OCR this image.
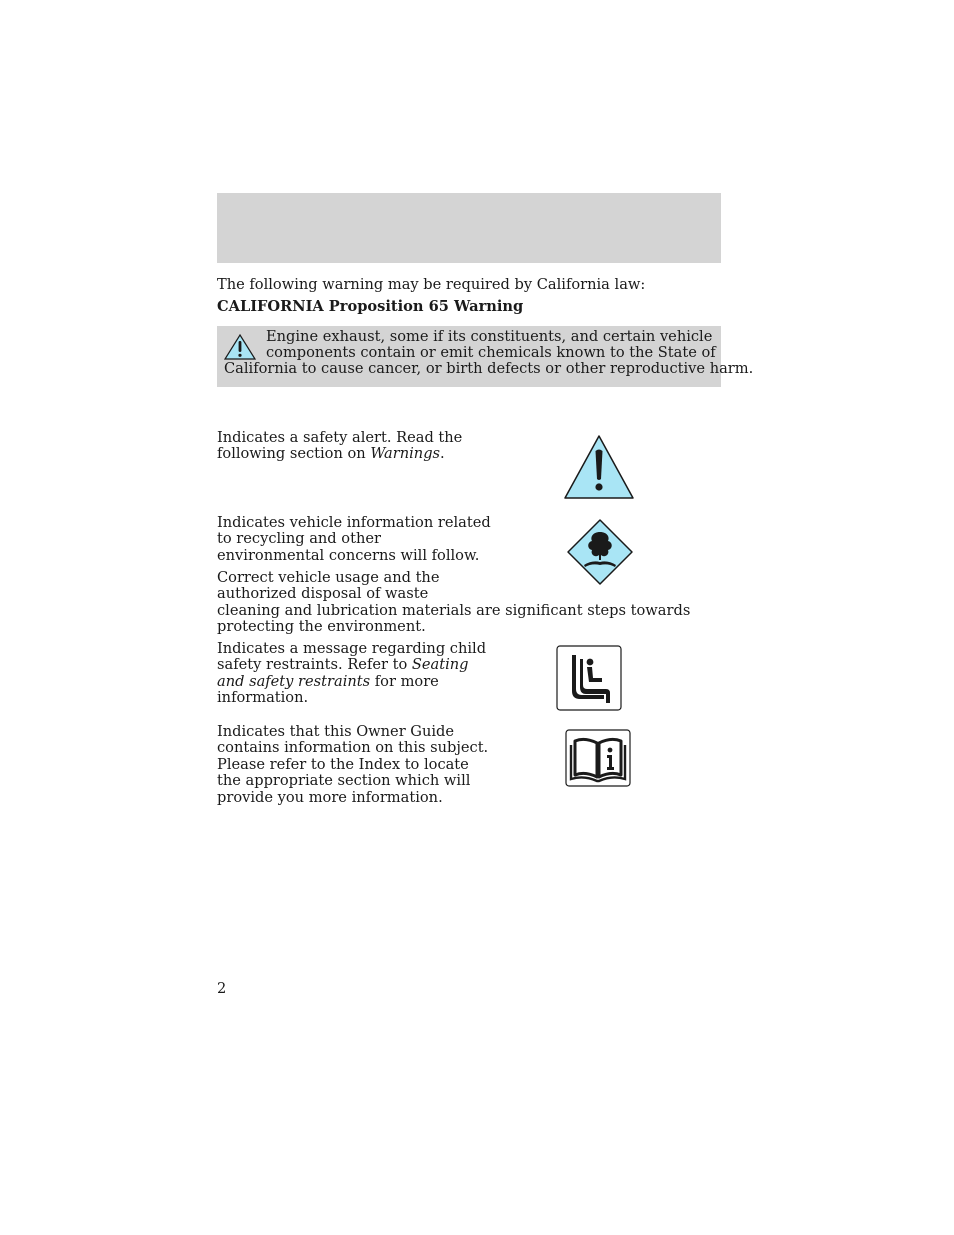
The following warning may be required by California law:
CALIFORNIA Proposition 65 Warning
Engine exhaust, some if its constituents, and certain vehicle
components contain or emit chemicals known to the State of
California to cause cancer, or birth defects or other reproductive harm.
Indicates a safety alert. Read the
following section on Warnings.
Indicates vehicle information related
to recycling and other
environmental concerns will follow.
Correct vehicle usage and the
authorized disposal of waste
cleaning and lubrication materials are significant steps towards
protecting the environment.
Indicates a message regarding child
safety restraints. Refer to Seating
and safety restraints for more
information.
Indicates that this Owner Guide
contains information on this subject.
Please refer to the Index to locate
the appropriate section which will
provide you more information.
2
